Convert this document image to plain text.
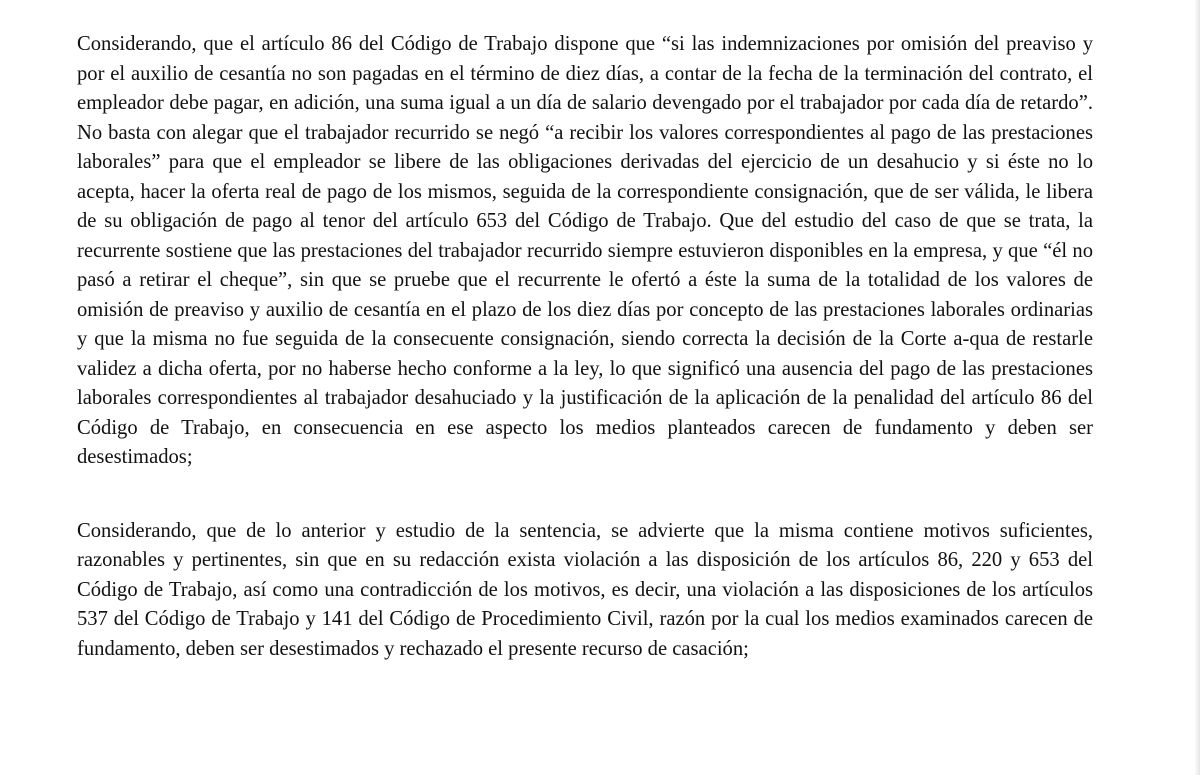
Considerando, que el artículo 86 del Código de Trabajo dispone que “si las indemnizaciones por omisión del preaviso y por el auxilio de cesantía no son pagadas en el término de diez días, a contar de la fecha de la terminación del contrato, el empleador debe pagar, en adición, una suma igual a un día de salario devengado por el trabajador por cada día de retardo”. No basta con alegar que el trabajador recurrido se negó “a recibir los valores correspondientes al pago de las prestaciones laborales” para que el empleador se libere de las obligaciones derivadas del ejercicio de un desahucio y si éste no lo acepta, hacer la oferta real de pago de los mismos, seguida de la correspondiente consignación, que de ser válida, le libera de su obligación de pago al tenor del artículo 653 del Código de Trabajo. Que del estudio del caso de que se trata, la recurrente sostiene que las prestaciones del trabajador recurrido siempre estuvieron disponibles en la empresa, y que “él no pasó a retirar el cheque”, sin que se pruebe que el recurrente le ofertó a éste la suma de la totalidad de los valores de omisión de preaviso y auxilio de cesantía en el plazo de los diez días por concepto de las prestaciones laborales ordinarias y que la misma no fue seguida de la consecuente consignación, siendo correcta la decisión de la Corte a-qua de restarle validez a dicha oferta, por no haberse hecho conforme a la ley, lo que significó una ausencia del pago de las prestaciones laborales correspondientes al trabajador desahuciado y la justificación de la aplicación de la penalidad del artículo 86 del Código de Trabajo, en consecuencia en ese aspecto los medios planteados carecen de fundamento y deben ser desestimados;

Considerando, que de lo anterior y estudio de la sentencia, se advierte que la misma contiene motivos suficientes, razonables y pertinentes, sin que en su redacción exista violación a las disposición de los artículos 86, 220 y 653 del Código de Trabajo, así como una contradicción de los motivos, es decir, una violación a las disposiciones de los artículos 537 del Código de Trabajo y 141 del Código de Procedimiento Civil, razón por la cual los medios examinados carecen de fundamento, deben ser desestimados y rechazado el presente recurso de casación;
